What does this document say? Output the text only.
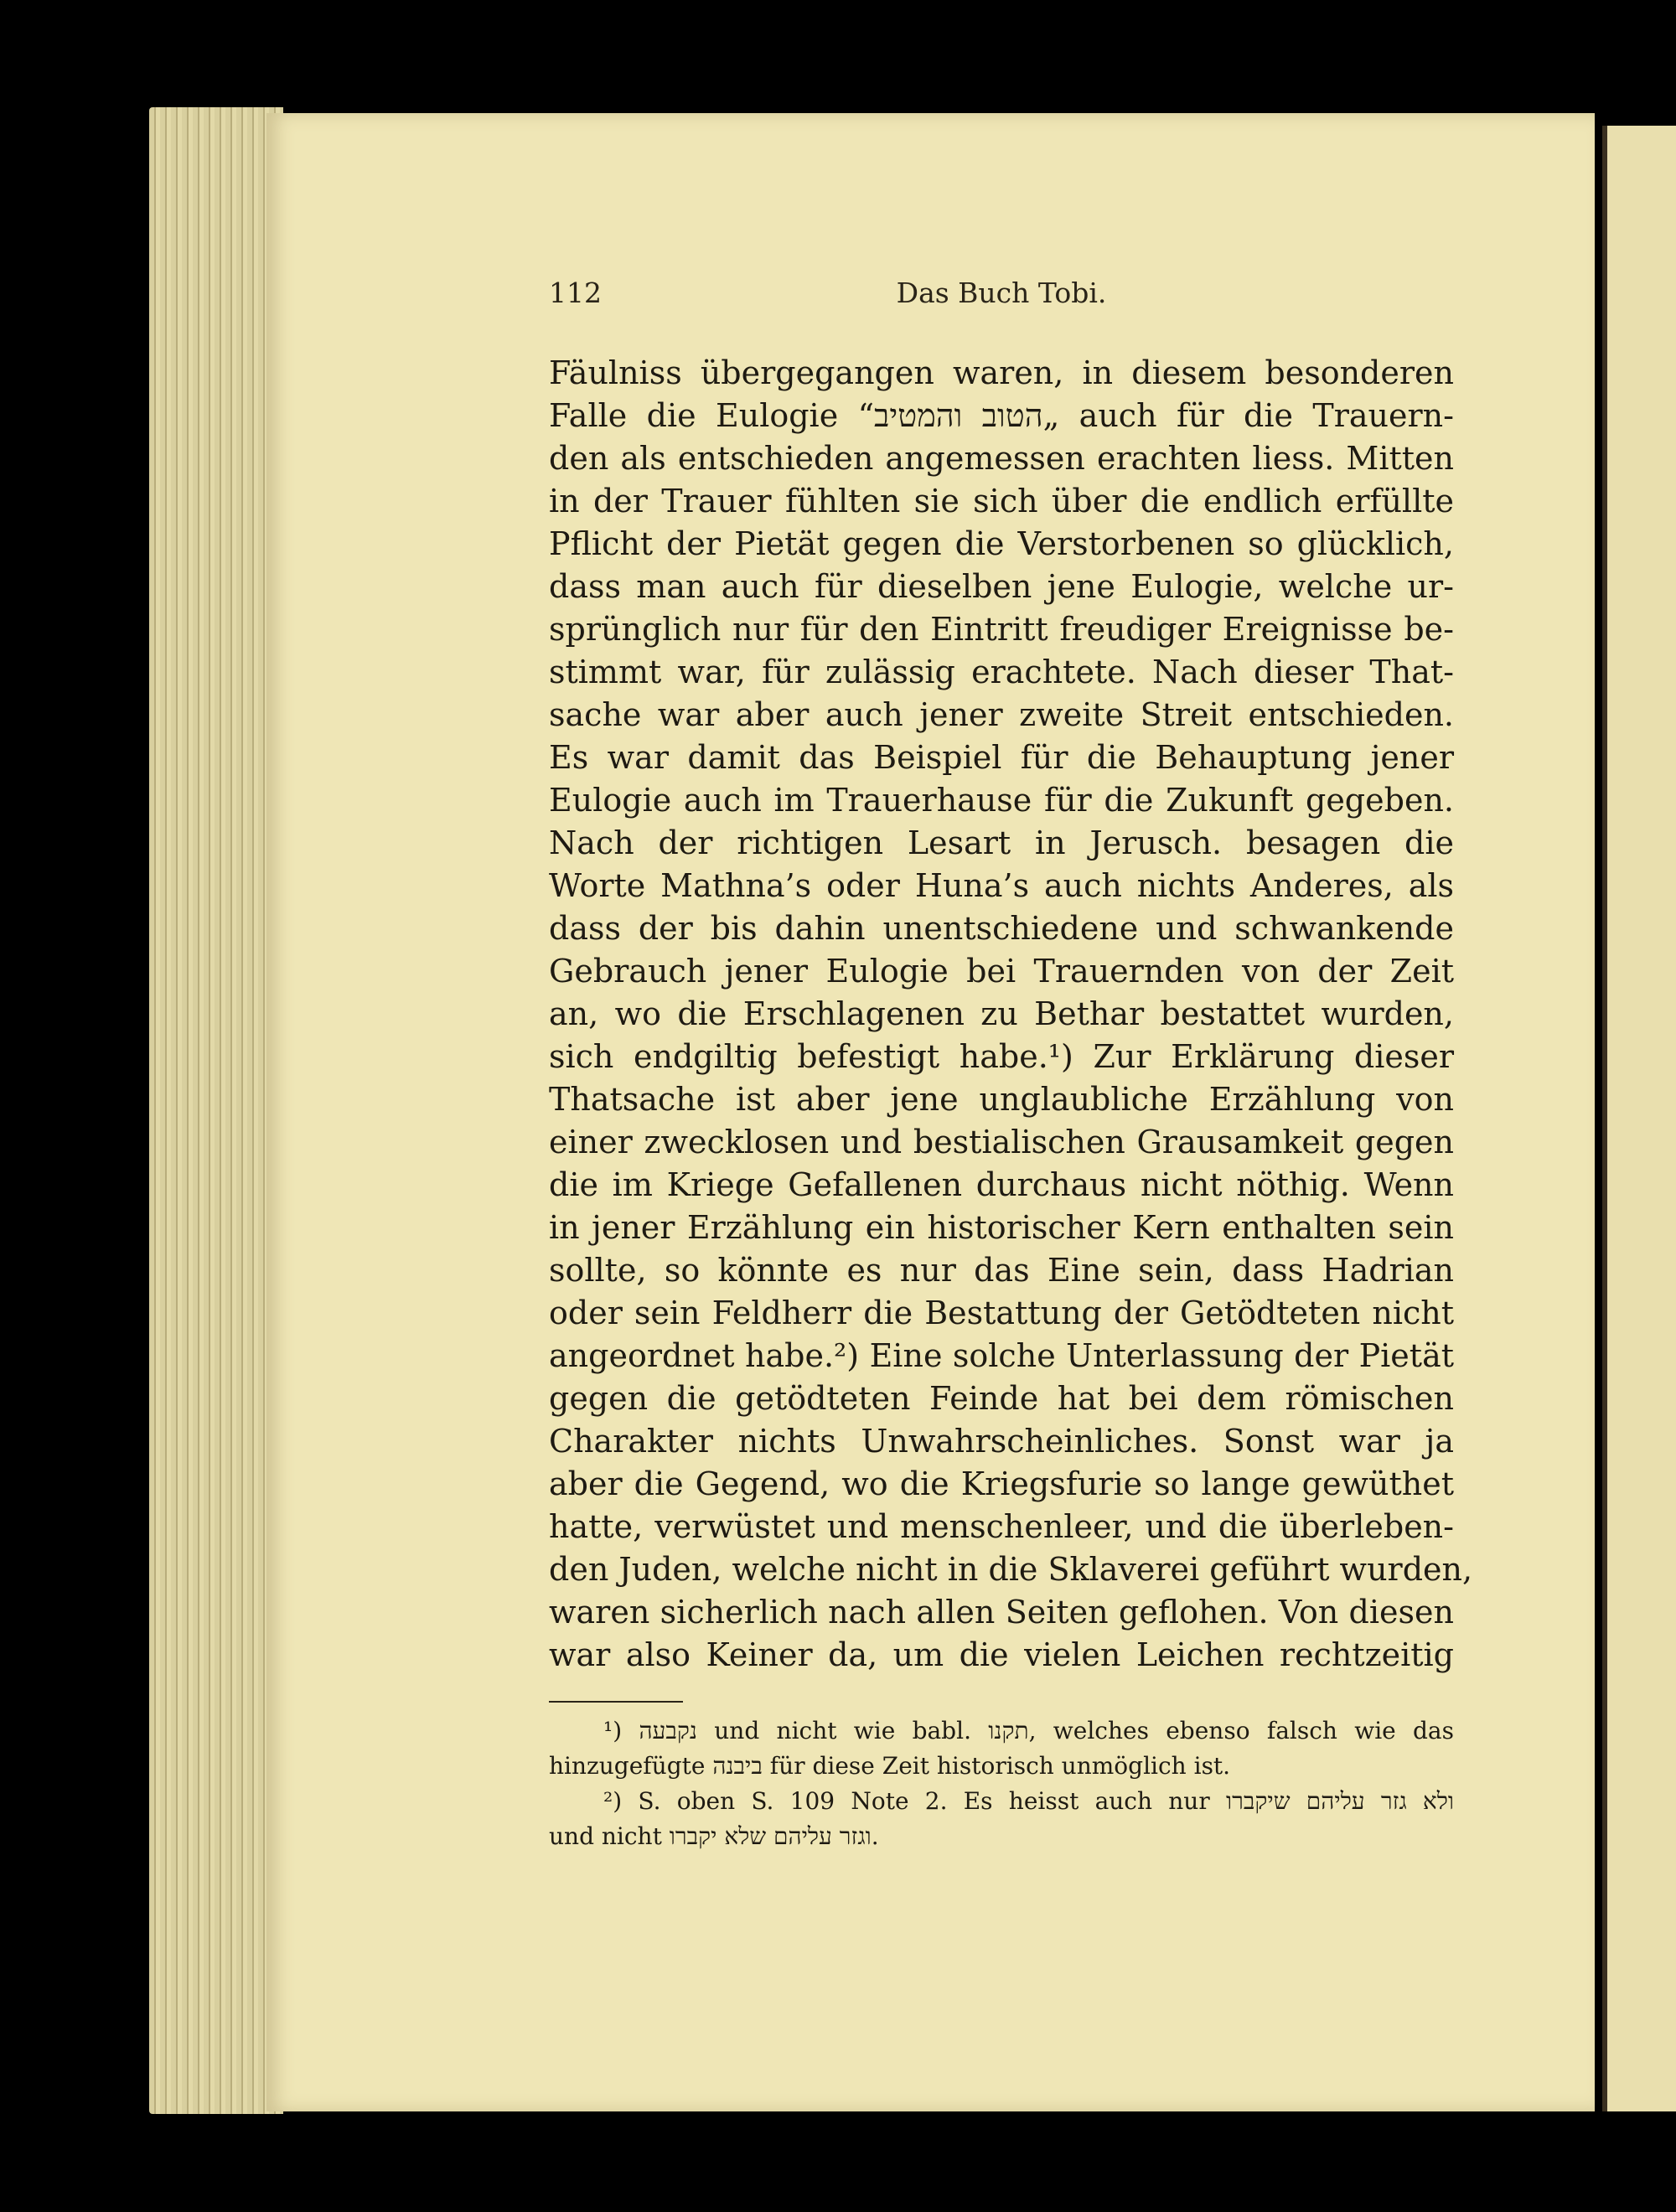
112	Das Buch Tobi.
Fäulniss übergegangen waren, in diesem besonderen
Falle die Eulogie “הטוב והמטיב„ auch für die Trauern-
den als entschieden angemessen erachten liess. Mitten
in der Trauer fühlten sie sich über die endlich erfüllte
Pflicht der Pietät gegen die Verstorbenen so glücklich,
dass man auch für dieselben jene Eulogie, welche ur-
sprünglich nur für den Eintritt freudiger Ereignisse be-
stimmt war, für zulässig erachtete. Nach dieser That-
sache war aber auch jener zweite Streit entschieden.
Es war damit das Beispiel für die Behauptung jener
Eulogie auch im Trauerhause für die Zukunft gegeben.
Nach der richtigen Lesart in Jerusch. besagen die
Worte Mathna’s oder Huna’s auch nichts Anderes, als
dass der bis dahin unentschiedene und schwankende
Gebrauch jener Eulogie bei Trauernden von der Zeit
an, wo die Erschlagenen zu Bethar bestattet wurden,
sich endgiltig befestigt habe.¹) Zur Erklärung dieser
Thatsache ist aber jene unglaubliche Erzählung von
einer zwecklosen und bestialischen Grausamkeit gegen
die im Kriege Gefallenen durchaus nicht nöthig. Wenn
in jener Erzählung ein historischer Kern enthalten sein
sollte, so könnte es nur das Eine sein, dass Hadrian
oder sein Feldherr die Bestattung der Getödteten nicht
angeordnet habe.²) Eine solche Unterlassung der Pietät
gegen die getödteten Feinde hat bei dem römischen
Charakter nichts Unwahrscheinliches. Sonst war ja
aber die Gegend, wo die Kriegsfurie so lange gewüthet
hatte, verwüstet und menschenleer, und die überleben-
den Juden, welche nicht in die Sklaverei geführt wurden,
waren sicherlich nach allen Seiten geflohen. Von diesen
war also Keiner da, um die vielen Leichen rechtzeitig
¹) נקבעה und nicht wie babl. תקנו, welches ebenso falsch wie das
hinzugefügte ביבנה für diese Zeit historisch unmöglich ist.
²) S. oben S. 109 Note 2. Es heisst auch nur ולא גזר עליהם שיקברו
und nicht וגזר עליהם שלא יקברו.
